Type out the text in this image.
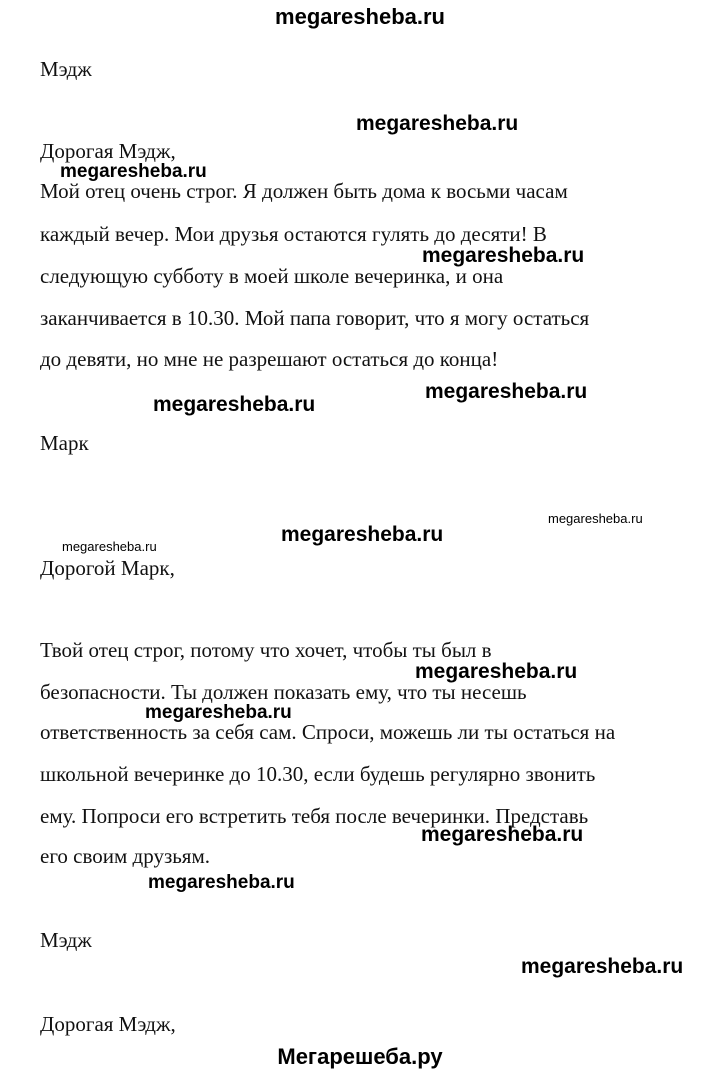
megaresheba.ru
Мэдж
megaresheba.ru
Дорогая Мэдж,
megaresheba.ru
Мой отец очень строг. Я должен быть дома к восьми часам
каждый вечер. Мои друзья остаются гулять до десяти! В
megaresheba.ru
следующую субботу в моей школе вечеринка, и она
заканчивается в 10.30. Мой папа говорит, что я могу остаться
до девяти, но мне не разрешают остаться до конца!
megaresheba.ru
megaresheba.ru
Марк
megaresheba.ru
megaresheba.ru
megaresheba.ru
Дорогой Марк,
Твой отец строг, потому что хочет, чтобы ты был в
megaresheba.ru
безопасности. Ты должен показать ему, что ты несешь
megaresheba.ru
ответственность за себя сам. Спроси, можешь ли ты остаться на
школьной вечеринке до 10.30, если будешь регулярно звонить
ему. Попроси его встретить тебя после вечеринки. Представь
megaresheba.ru
его своим друзьям.
megaresheba.ru
Мэдж
megaresheba.ru
Дорогая Мэдж,
Мегарешеба.ру
